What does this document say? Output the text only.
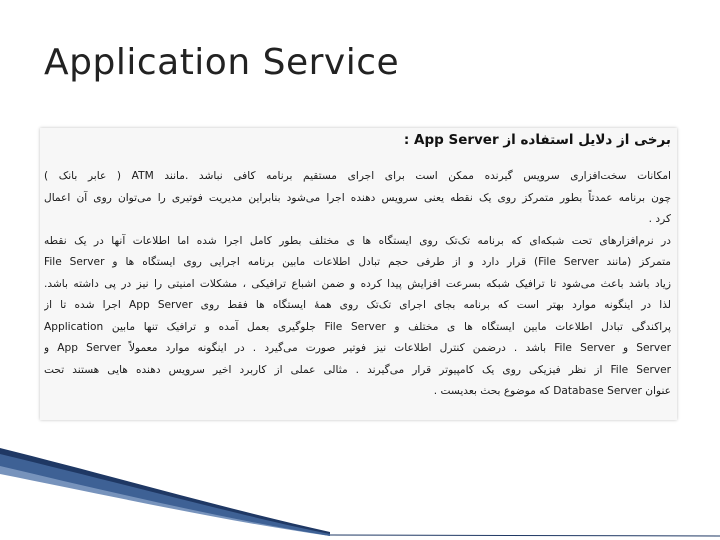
Application Service
برخی از دلایل استفاده از App Server :
امکانات سخت‌افزاری سرویس گیرنده ممکن است برای اجرای مستقیم برنامه کافی نباشد .مانند ATM ( عابر بانک )
چون برنامه عمدتاً بطور متمرکز روی یک نقطه یعنی سرویس دهنده اجرا می‌شود بنابراین مدیریت فوتیری را می‌توان روی آن اعمال
کرد .
در نرم‌افزارهای تحت شبکه‌ای که برنامه تک‌تک روی ایستگاه ها ی مختلف بطور کامل اجرا شده اما اطلاعات آنها در یک نقطه
متمرکز (مانند File Server) قرار دارد و از طرفی حجم تبادل اطلاعات مابین برنامه اجرایی روی ایستگاه ها و File Server
زیاد باشد باعث می‌شود تا ترافیک شبکه بسرعت افزایش پیدا کرده و ضمن اشباع ترافیکی ، مشکلات امنیتی را نیز در پی داشته باشد.
لذا در اینگونه موارد بهتر است که برنامه بجای اجرای تک‌تک روی همهٔ ایستگاه ها فقط روی App Server اجرا شده تا از
پراکندگی تبادل اطلاعات مابین ایستگاه ها ی مختلف و File Server جلوگیری بعمل آمده و ترافیک تنها مابین Application
Server و File Server باشد . درضمن کنترل اطلاعات نیز فوتیر صورت می‌گیرد . در اینگونه موارد معمولاً App Server و
File Server از نظر فیزیکی روی یک کامپیوتر قرار می‌گیرند . مثالی عملی از کاربرد اخیر سرویس دهنده هایی هستند تحت
عنوان Database Server که موضوع بحث بعدیست .
